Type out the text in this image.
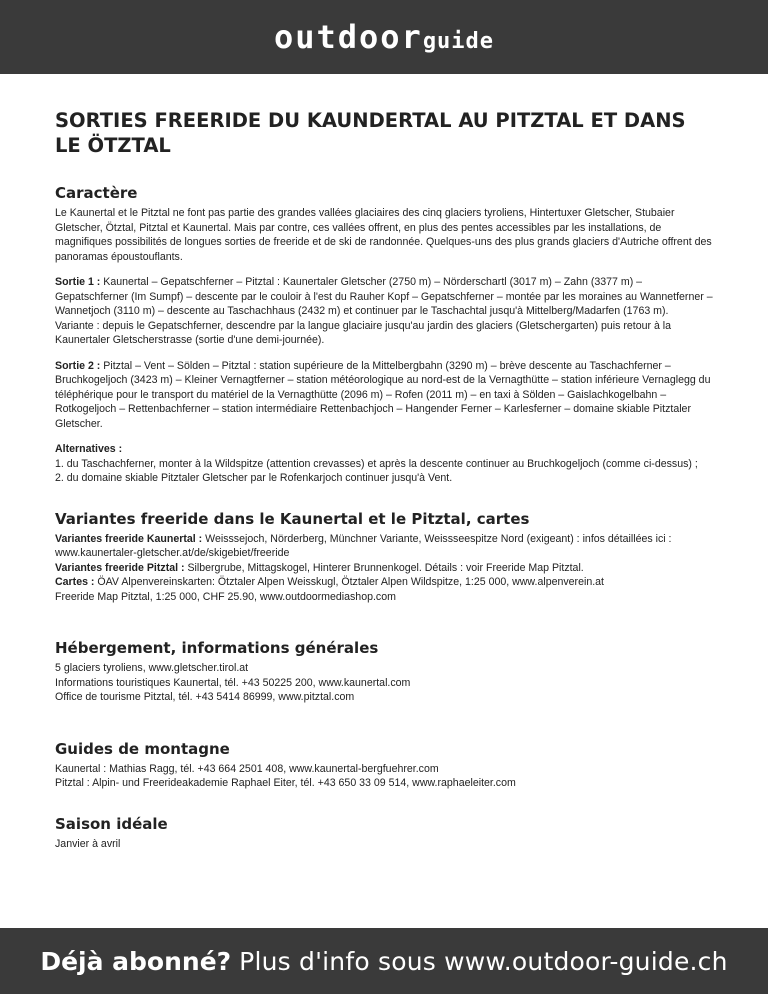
outdoorguide
SORTIES FREERIDE DU KAUNDERTAL AU PITZTAL ET DANS LE ÖTZTAL
Caractère

Le Kaunertal et le Pitztal ne font pas partie des grandes vallées glaciaires des cinq glaciers tyroliens, Hintertuxer Gletscher, Stubaier Gletscher, Ötztal, Pitztal et Kaunertal. Mais par contre, ces vallées offrent, en plus des pentes accessibles par les installations, de magnifiques possibilités de longues sorties de freeride et de ski de randonnée. Quelques-uns des plus grands glaciers d'Autriche offrent des panoramas époustouflants.

Sortie 1 : Kaunertal – Gepatschferner – Pitztal : Kaunertaler Gletscher (2750 m) – Nörderschartl (3017 m) – Zahn (3377 m) – Gepatschferner (Im Sumpf) – descente par le couloir à l'est du Rauher Kopf – Gepatschferner – montée par les moraines au Wannetferner – Wannetjoch (3110 m) – descente au Taschachhaus (2432 m) et continuer par le Taschachtal jusqu'à Mittelberg/Madarfen (1763 m).

Variante : depuis le Gepatschferner, descendre par la langue glaciaire jusqu'au jardin des glaciers (Gletschergarten) puis retour à la Kaunertaler Gletscherstrasse (sortie d'une demi-journée).

Sortie 2 : Pitztal – Vent – Sölden – Pitztal : station supérieure de la Mittelbergbahn (3290 m) – brève descente au Taschachferner – Bruchkogeljoch (3423 m) – Kleiner Vernagtferner – station météorologique au nord-est de la Vernagthütte – station inférieure Vernaglegg du téléphérique pour le transport du matériel de la Vernagthütte (2096 m) – Rofen (2011 m) – en taxi à Sölden – Gaislachkogelbahn – Rotkogeljoch – Rettenbachferner – station intermédiaire Rettenbachjoch – Hangender Ferner – Karlesferner – domaine skiable Pitztaler Gletscher.

Alternatives :

1. du Taschachferner, monter à la Wildspitze (attention crevasses) et après la descente continuer au Bruchkogeljoch (comme ci-dessus) ;

2. du domaine skiable Pitztaler Gletscher par le Rofenkarjoch continuer jusqu'à Vent.

Variantes freeride dans le Kaunertal et le Pitztal, cartes

Variantes freeride Kaunertal : Weisssejoch, Nörderberg, Münchner Variante, Weissseespitze Nord (exigeant) : infos détaillées ici : www.kaunertaler-gletscher.at/de/skigebiet/freeride

Variantes freeride Pitztal : Silbergrube, Mittagskogel, Hinterer Brunnenkogel. Détails : voir Freeride Map Pitztal.

Cartes : ÖAV Alpenvereinskarten: Ötztaler Alpen Weisskugl, Ötztaler Alpen Wildspitze, 1:25 000, www.alpenverein.at

Freeride Map Pitztal, 1:25 000, CHF 25.90, www.outdoormediashop.com

Hébergement, informations générales

5 glaciers tyroliens, www.gletscher.tirol.at

Informations touristiques Kaunertal, tél. +43 50225 200, www.kaunertal.com

Office de tourisme Pitztal, tél. +43 5414 86999, www.pitztal.com

Guides de montagne

Kaunertal : Mathias Ragg, tél. +43 664 2501 408, www.kaunertal-bergfuehrer.com

Pitztal : Alpin- und Freerideakademie Raphael Eiter, tél. +43 650 33 09 514, www.raphaeleiter.com

Saison idéale

Janvier à avril

Déjà abonné? Plus d'info sous www.outdoor-guide.ch
